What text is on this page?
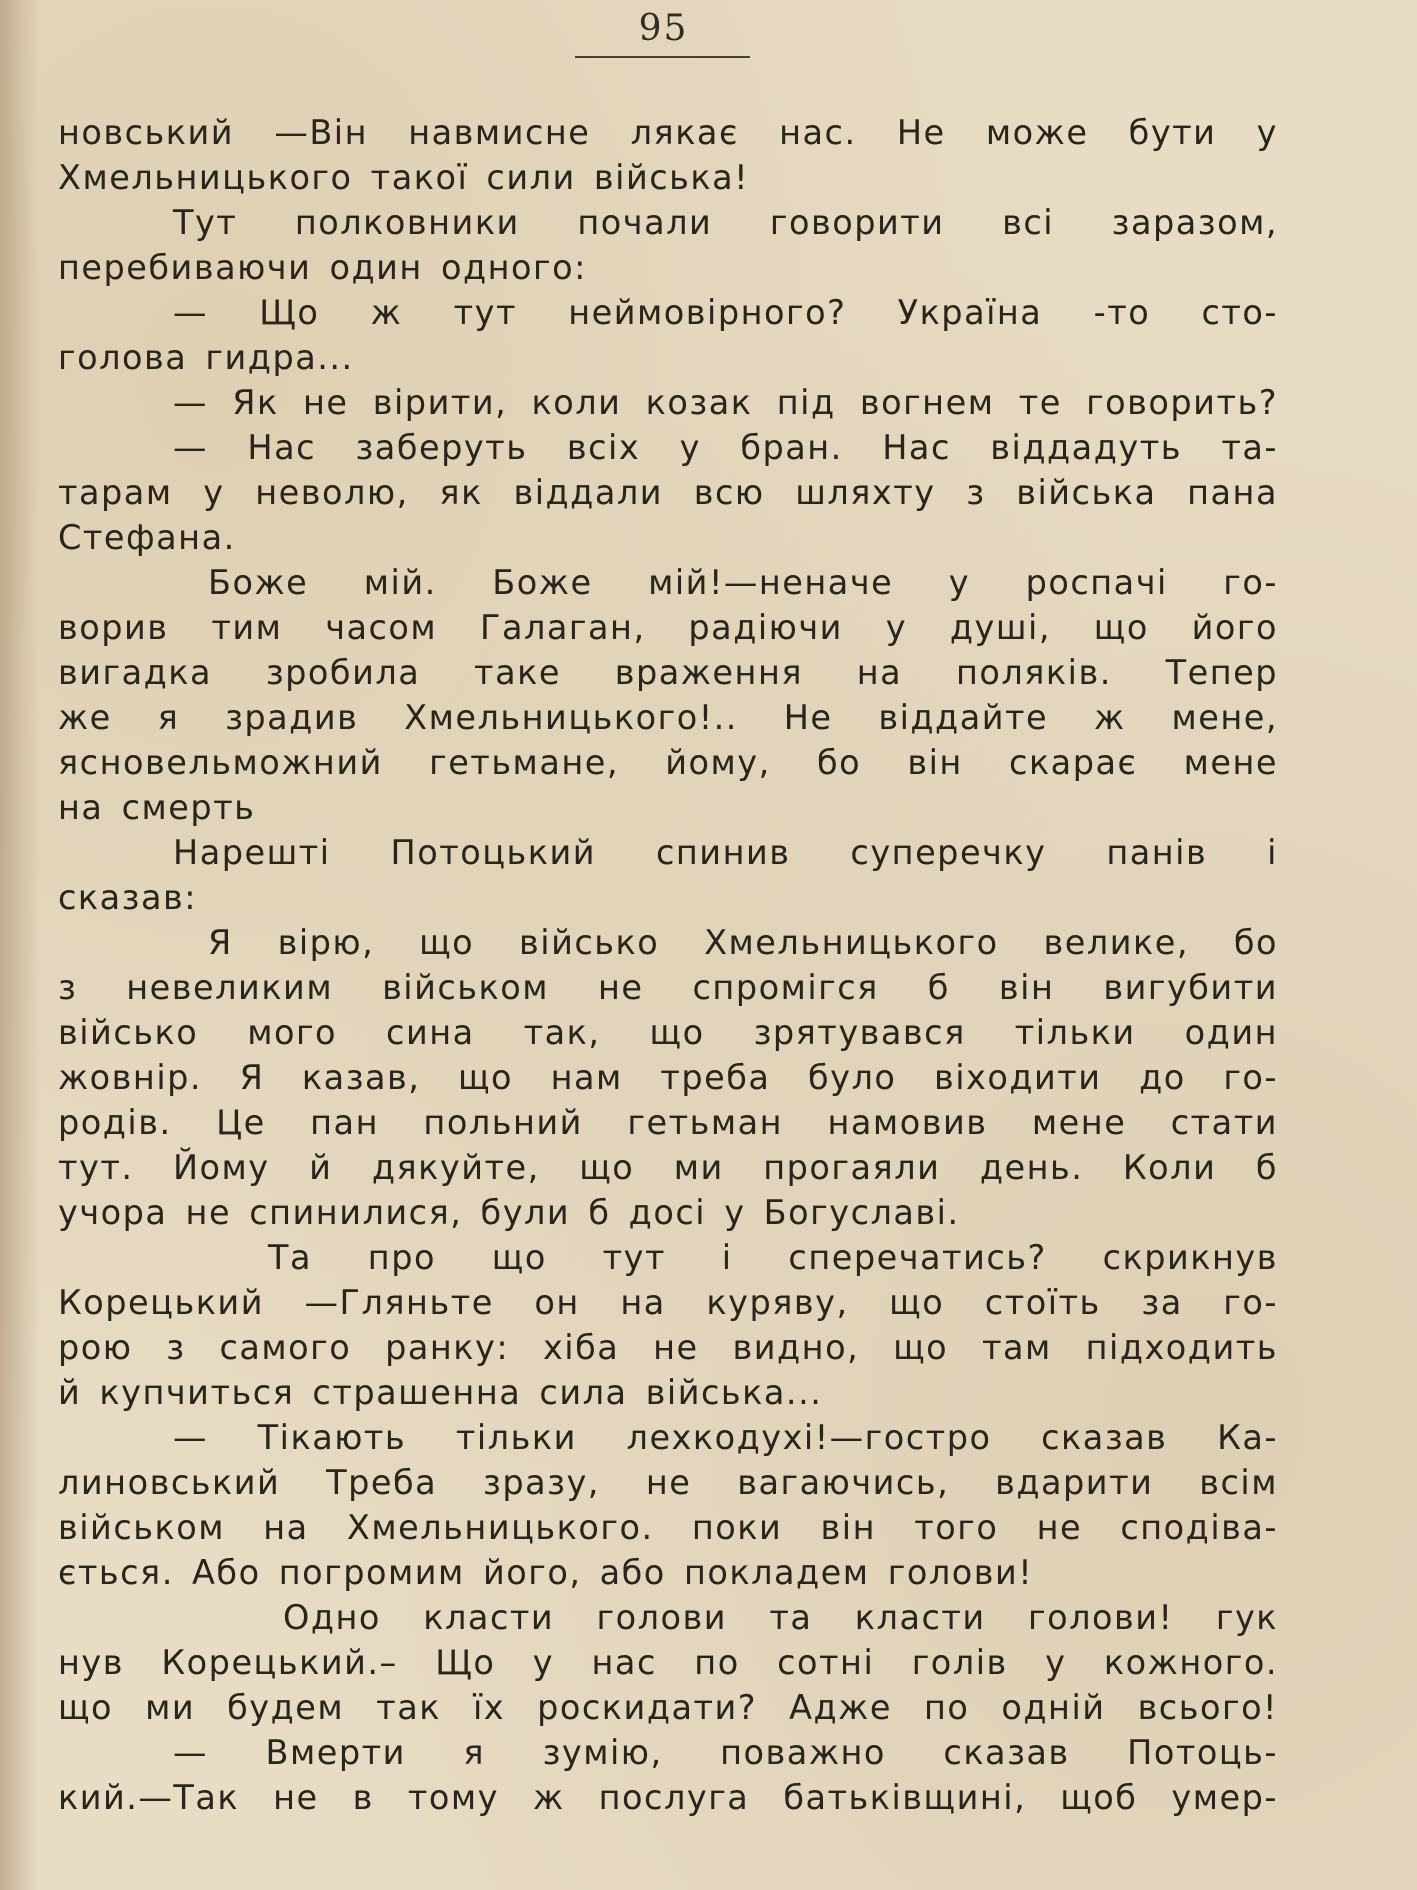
95
новський —Він навмисне лякає нас. Не може бути у
Хмельницького такої сили війська!
Тут полковники почали говорити всі заразом,
перебиваючи один одного:
— Що ж тут неймовірного? Україна -то сто-
голова гидра...
— Як не вірити, коли козак під вогнем те говорить?
— Нас заберуть всіх у бран. Нас віддадуть та-
тарам у неволю, як віддали всю шляхту з війська пана
Стефана.
Боже мій. Боже мій!—неначе у роспачі го-
ворив тим часом Галаган, радіючи у душі, що його
вигадка зробила таке враження на поляків. Тепер
же я зрадив Хмельницького!.. Не віддайте ж мене,
ясновельможний гетьмане, йому, бо він скарає мене
на смерть
Нарешті Потоцький спинив суперечку панів і
сказав:
Я вірю, що військо Хмельницького велике, бо
з невеликим військом не спромігся б він вигубити
військо мого сина так, що зрятувався тільки один
жовнір. Я казав, що нам треба було віходити до го-
родів. Це пан польний гетьман намовив мене стати
тут. Йому й дякуйте, що ми прогаяли день. Коли б
учора не спинилися, були б досі у Богуславі.
Та про що тут і сперечатись? скрикнув
Корецький —Гляньте он на куряву, що стоїть за го-
рою з самого ранку: хіба не видно, що там підходить
й купчиться страшенна сила війська...
— Тікають тільки лехкодухі!—гостро сказав Ка-
линовський Треба зразу, не вагаючись, вдарити всім
військом на Хмельницького. поки він того не сподіва-
ється. Або погромим його, або покладем голови!
Одно класти голови та класти голови! гук
нув Корецький.– Що у нас по сотні голів у кожного.
що ми будем так їх роскидати? Адже по одній всього!
— Вмерти я зумію, поважно сказав Потоць-
кий.—Так не в тому ж послуга батьківщині, щоб умер-
